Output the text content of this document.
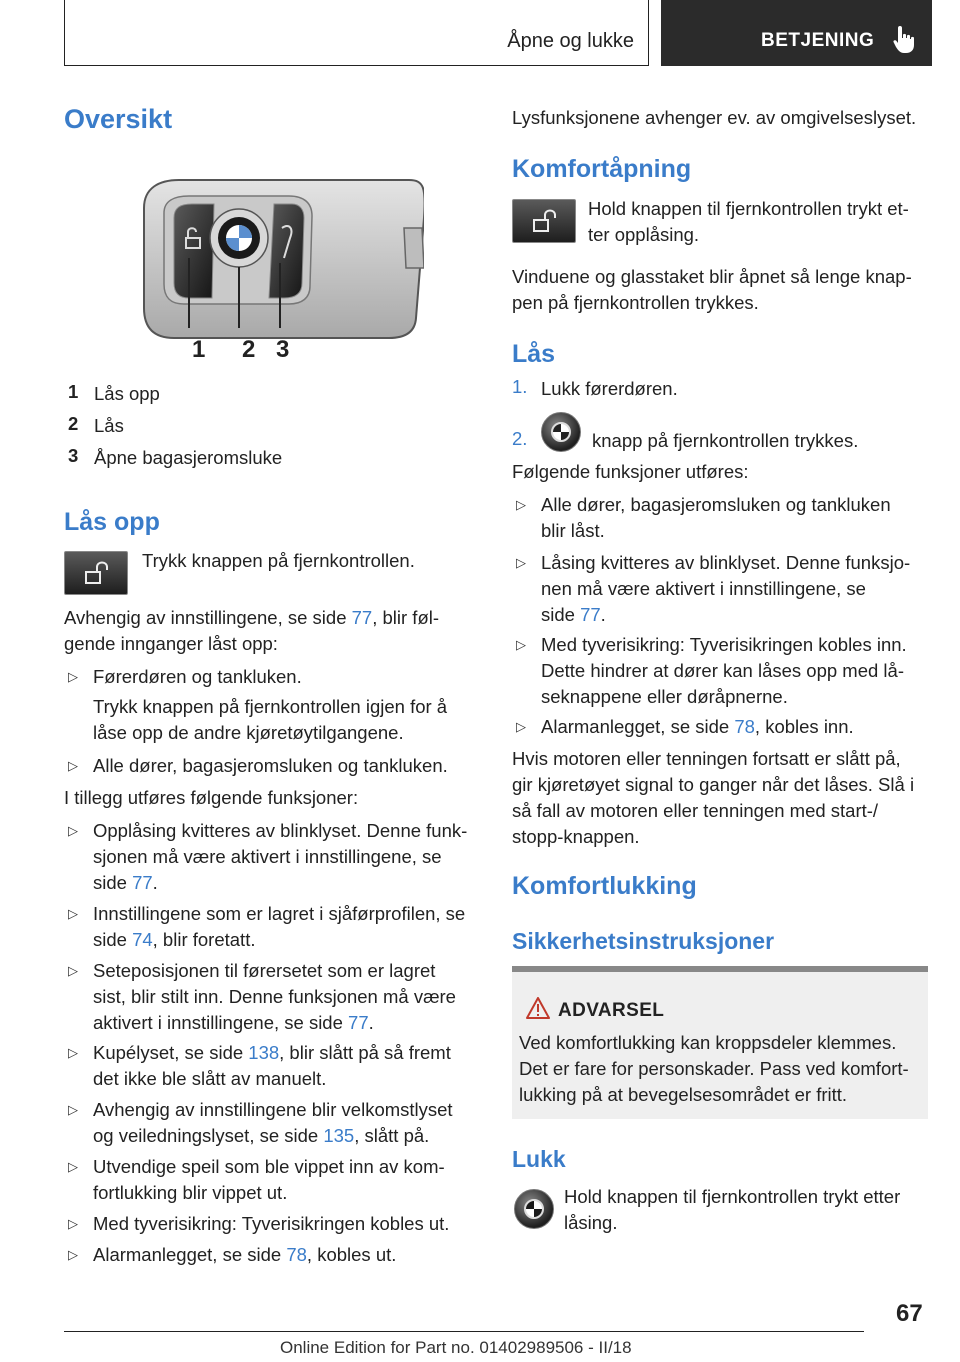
Åpne og lukke	BETJENING
Oversikt
1 2 3
1 Lås opp
2 Lås
3 Åpne bagasjeromsluke
Lås opp
Trykk knappen på fjernkontrollen.
Avhengig av innstillingene, se side 77, blir føl-
gende innganger låst opp:
▷ Førerdøren og tankluken.
Trykk knappen på fjernkontrollen igjen for å
låse opp de andre kjøretøytilgangene.
▷ Alle dører, bagasjeromsluken og tankluken.
I tillegg utføres følgende funksjoner:
▷ Opplåsing kvitteres av blinklyset. Denne funk-
sjonen må være aktivert i innstillingene, se
side 77.
▷ Innstillingene som er lagret i sjåførprofilen, se
side 74, blir foretatt.
▷ Seteposisjonen til førersetet som er lagret
sist, blir stilt inn. Denne funksjonen må være
aktivert i innstillingene, se side 77.
▷ Kupélyset, se side 138, blir slått på så fremt
det ikke ble slått av manuelt.
▷ Avhengig av innstillingene blir velkomstlyset
og veiledningslyset, se side 135, slått på.
▷ Utvendige speil som ble vippet inn av kom-
fortlukking blir vippet ut.
▷ Med tyverisikring: Tyverisikringen kobles ut.
▷ Alarmanlegget, se side 78, kobles ut.
Lysfunksjonene avhenger ev. av omgivelseslyset.
Komfortåpning
Hold knappen til fjernkontrollen trykt et-
ter opplåsing.
Vinduene og glasstaket blir åpnet så lenge knap-
pen på fjernkontrollen trykkes.
Lås
1. Lukk førerdøren.
2.	knapp på fjernkontrollen trykkes.
Følgende funksjoner utføres:
▷ Alle dører, bagasjeromsluken og tankluken
blir låst.
▷ Låsing kvitteres av blinklyset. Denne funksjo-
nen må være aktivert i innstillingene, se
side 77.
▷ Med tyverisikring: Tyverisikringen kobles inn.
Dette hindrer at dører kan låses opp med lå-
seknappene eller døråpnerne.
▷ Alarmanlegget, se side 78, kobles inn.
Hvis motoren eller tenningen fortsatt er slått på,
gir kjøretøyet signal to ganger når det låses. Slå i
så fall av motoren eller tenningen med start-/
stopp-knappen.
Komfortlukking
Sikkerhetsinstruksjoner
ADVARSEL
Ved komfortlukking kan kroppsdeler klemmes.
Det er fare for personskader. Pass ved komfort-
lukking på at bevegelsesområdet er fritt.
Lukk
Hold knappen til fjernkontrollen trykt etter
låsing.
67
Online Edition for Part no. 01402989506 - II/18
